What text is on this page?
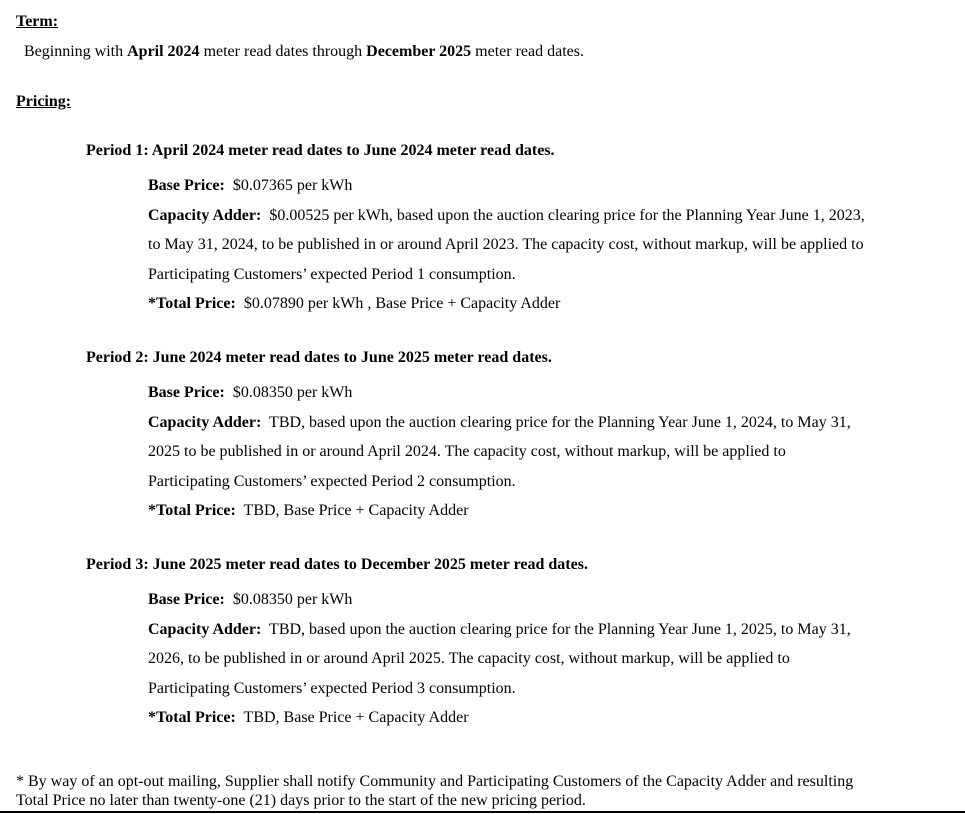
Term:
Beginning with April 2024 meter read dates through December 2025 meter read dates.
Pricing:
Period 1: April 2024 meter read dates to June 2024 meter read dates.
Base Price: $0.07365 per kWh
Capacity Adder: $0.00525 per kWh, based upon the auction clearing price for the Planning Year June 1, 2023,
to May 31, 2024, to be published in or around April 2023. The capacity cost, without markup, will be applied to
Participating Customers’ expected Period 1 consumption.
*Total Price: $0.07890 per kWh , Base Price + Capacity Adder
Period 2: June 2024 meter read dates to June 2025 meter read dates.
Base Price: $0.08350 per kWh
Capacity Adder: TBD, based upon the auction clearing price for the Planning Year June 1, 2024, to May 31,
2025 to be published in or around April 2024. The capacity cost, without markup, will be applied to
Participating Customers’ expected Period 2 consumption.
*Total Price: TBD, Base Price + Capacity Adder
Period 3: June 2025 meter read dates to December 2025 meter read dates.
Base Price: $0.08350 per kWh
Capacity Adder: TBD, based upon the auction clearing price for the Planning Year June 1, 2025, to May 31,
2026, to be published in or around April 2025. The capacity cost, without markup, will be applied to
Participating Customers’ expected Period 3 consumption.
*Total Price: TBD, Base Price + Capacity Adder
* By way of an opt-out mailing, Supplier shall notify Community and Participating Customers of the Capacity Adder and resulting
Total Price no later than twenty-one (21) days prior to the start of the new pricing period.
